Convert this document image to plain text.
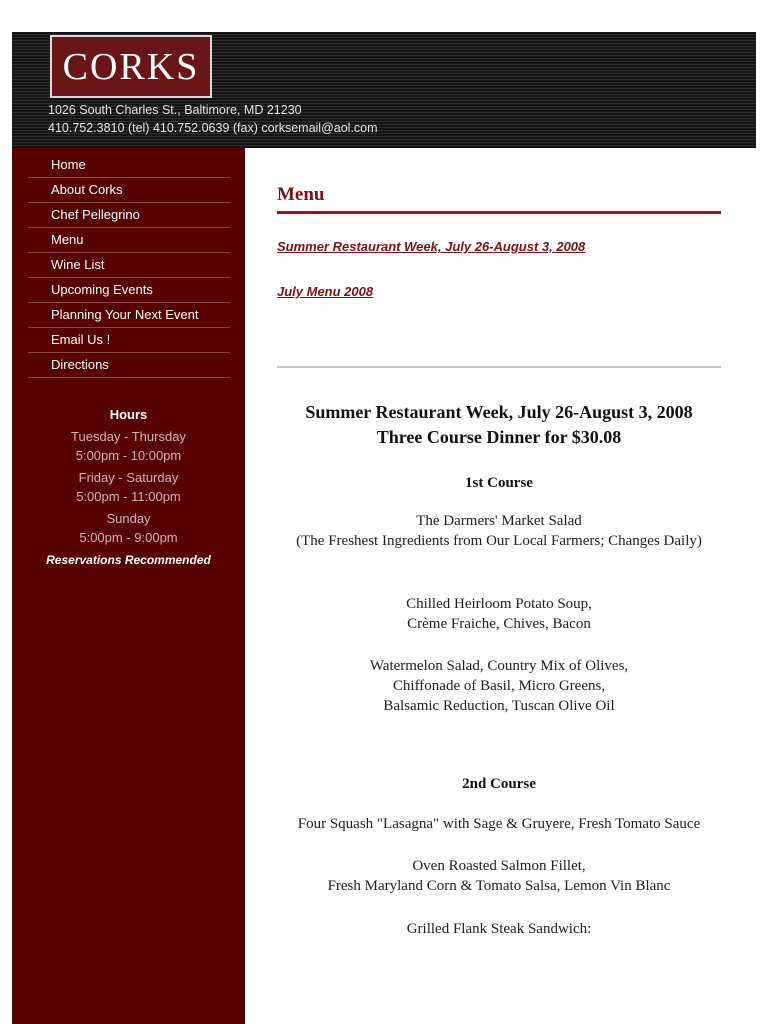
CORKS
1026 South Charles St., Baltimore, MD 21230
410.752.3810 (tel) 410.752.0639 (fax) corksemail@aol.com
Home
About Corks
Chef Pellegrino
Menu
Wine List
Upcoming Events
Planning Your Next Event
Email Us !
Directions
Hours
Tuesday - Thursday
5:00pm - 10:00pm
Friday - Saturday
5:00pm - 11:00pm
Sunday
5:00pm - 9:00pm
Reservations Recommended
Menu
Summer Restaurant Week, July 26-August 3, 2008
July Menu 2008
Summer Restaurant Week, July 26-August 3, 2008
Three Course Dinner for $30.08
1st Course
The Darmers' Market Salad
(The Freshest Ingredients from Our Local Farmers; Changes Daily)
Chilled Heirloom Potato Soup,
Crème Fraiche, Chives, Bacon
Watermelon Salad, Country Mix of Olives,
Chiffonade of Basil, Micro Greens,
Balsamic Reduction, Tuscan Olive Oil
2nd Course
Four Squash "Lasagna" with Sage & Gruyere, Fresh Tomato Sauce
Oven Roasted Salmon Fillet,
Fresh Maryland Corn & Tomato Salsa, Lemon Vin Blanc
Grilled Flank Steak Sandwich:
